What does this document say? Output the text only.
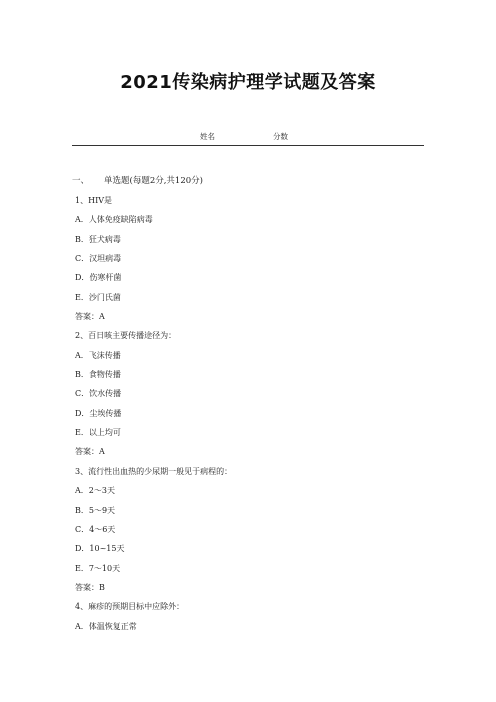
2021传染病护理学试题及答案
姓名	分数
一、 单选题(每题2分,共120分)
1、HIV是
A．人体免疫缺陷病毒
B．狂犬病毒
C．汉坦病毒
D．伤寒杆菌
E．沙门氏菌
答案：A
2、百日咳主要传播途径为：
A．飞沫传播
B．食物传播
C．饮水传播
D．尘埃传播
E．以上均可
答案：A
3、流行性出血热的少尿期一般见于病程的：
A．2～3天
B．5～9天
C．4～6天
D．10~15天
E．7～10天
答案：B
4、麻疹的预期目标中应除外：
A．体温恢复正常
